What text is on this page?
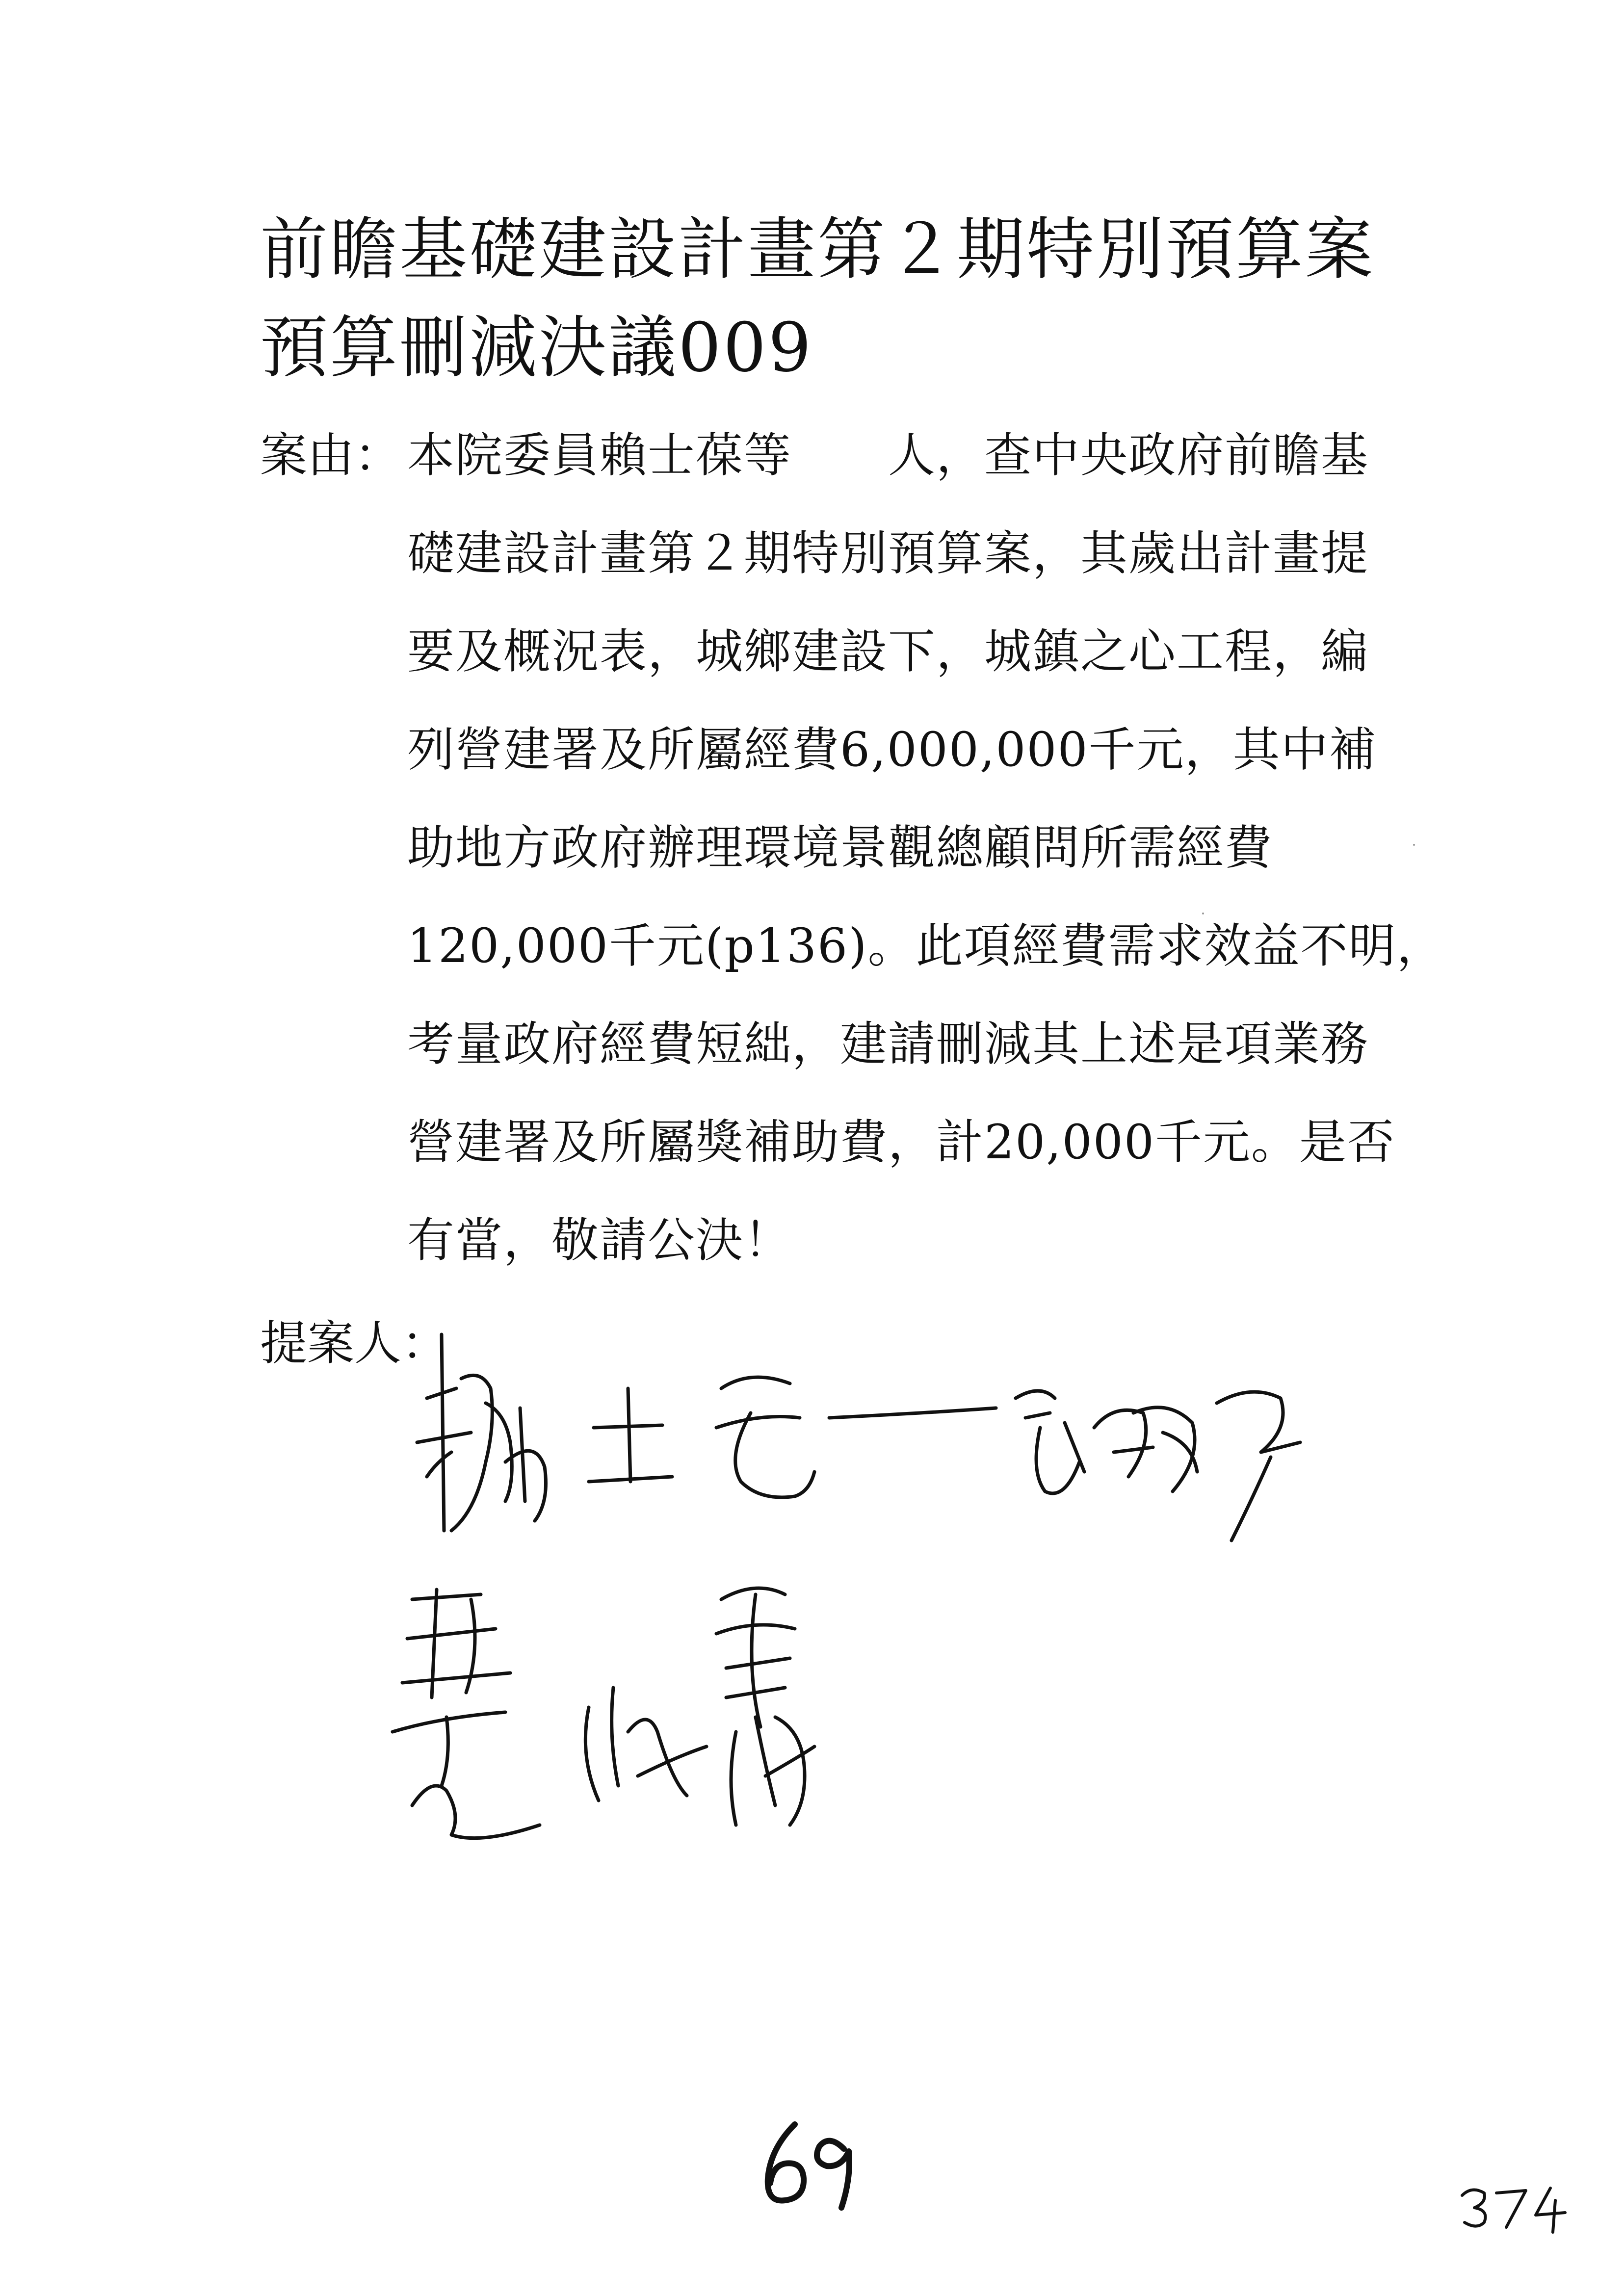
前瞻基礎建設計畫第２期特別預算案
預算刪減決議009
案由： 本院委員賴士葆等　　人，查中央政府前瞻基
礎建設計畫第２期特別預算案，其歲出計畫提
要及概況表，城鄉建設下，城鎮之心工程，編
列營建署及所屬經費6,000,000千元，其中補
助地方政府辦理環境景觀總顧問所需經費
120,000千元(p136)。此項經費需求效益不明，
考量政府經費短絀，建請刪減其上述是項業務
營建署及所屬獎補助費，計20,000千元。是否
有當，敬請公決！
提案人：
